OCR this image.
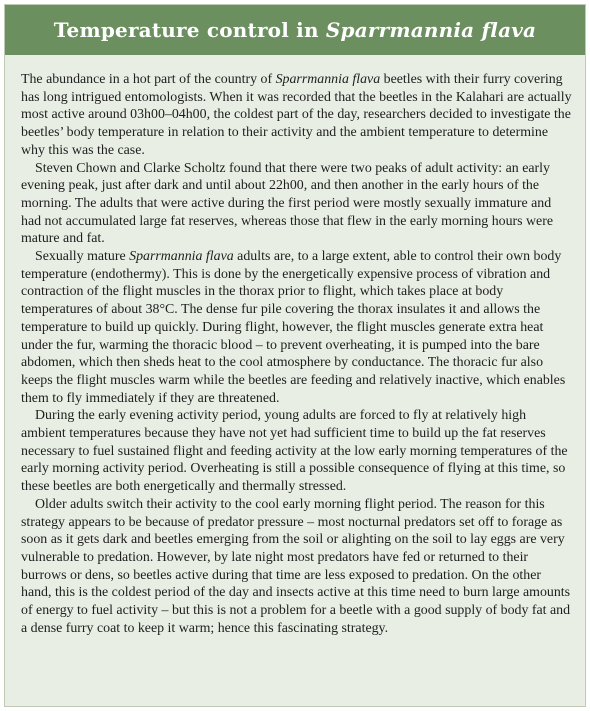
Temperature control in Sparrmannia flava

The abundance in a hot part of the country of Sparrmannia flava beetles with their furry covering has long intrigued entomologists. When it was recorded that the beetles in the Kalahari are actually most active around 03h00–04h00, the coldest part of the day, researchers decided to investigate the beetles’ body temperature in relation to their activity and the ambient temperature to determine why this was the case.

Steven Chown and Clarke Scholtz found that there were two peaks of adult activity: an early evening peak, just after dark and until about 22h00, and then another in the early hours of the morning. The adults that were active during the first period were mostly sexually immature and had not accumulated large fat reserves, whereas those that flew in the early morning hours were mature and fat.

Sexually mature Sparrmannia flava adults are, to a large extent, able to control their own body temperature (endothermy). This is done by the energetically expensive process of vibration and contraction of the flight muscles in the thorax prior to flight, which takes place at body temperatures of about 38°C. The dense fur pile covering the thorax insulates it and allows the temperature to build up quickly. During flight, however, the flight muscles generate extra heat under the fur, warming the thoracic blood – to prevent overheating, it is pumped into the bare abdomen, which then sheds heat to the cool atmosphere by conductance. The thoracic fur also keeps the flight muscles warm while the beetles are feeding and relatively inactive, which enables them to fly immediately if they are threatened.

During the early evening activity period, young adults are forced to fly at relatively high ambient temperatures because they have not yet had sufficient time to build up the fat reserves necessary to fuel sustained flight and feeding activity at the low early morning temperatures of the early morning activity period. Overheating is still a possible consequence of flying at this time, so these beetles are both energetically and thermally stressed.

Older adults switch their activity to the cool early morning flight period. The reason for this strategy appears to be because of predator pressure – most nocturnal predators set off to forage as soon as it gets dark and beetles emerging from the soil or alighting on the soil to lay eggs are very vulnerable to predation. However, by late night most predators have fed or returned to their burrows or dens, so beetles active during that time are less exposed to predation. On the other hand, this is the coldest period of the day and insects active at this time need to burn large amounts of energy to fuel activity – but this is not a problem for a beetle with a good supply of body fat and a dense furry coat to keep it warm; hence this fascinating strategy.
